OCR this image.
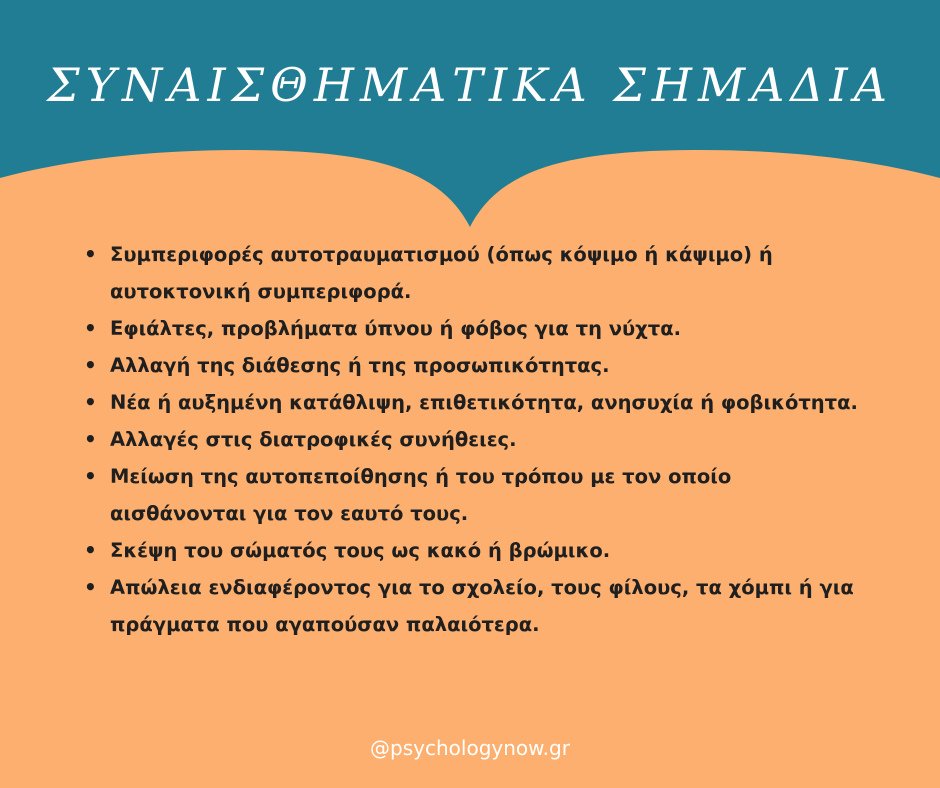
ΣΥΝΑΙΣΘΗΜΑΤΙΚΑ ΣΗΜΑΔΙΑ
• Συμπεριφορές αυτοτραυματισμού (όπως κόψιμο ή κάψιμο) ή αυτοκτονική συμπεριφορά.
• Εφιάλτες, προβλήματα ύπνου ή φόβος για τη νύχτα.
• Αλλαγή της διάθεσης ή της προσωπικότητας.
• Νέα ή αυξημένη κατάθλιψη, επιθετικότητα, ανησυχία ή φοβικότητα.
• Αλλαγές στις διατροφικές συνήθειες.
• Μείωση της αυτοπεποίθησης ή του τρόπου με τον οποίο αισθάνονται για τον εαυτό τους.
• Σκέψη του σώματός τους ως κακό ή βρώμικο.
• Απώλεια ενδιαφέροντος για το σχολείο, τους φίλους, τα χόμπι ή για πράγματα που αγαπούσαν παλαιότερα.
@psychologynow.gr
